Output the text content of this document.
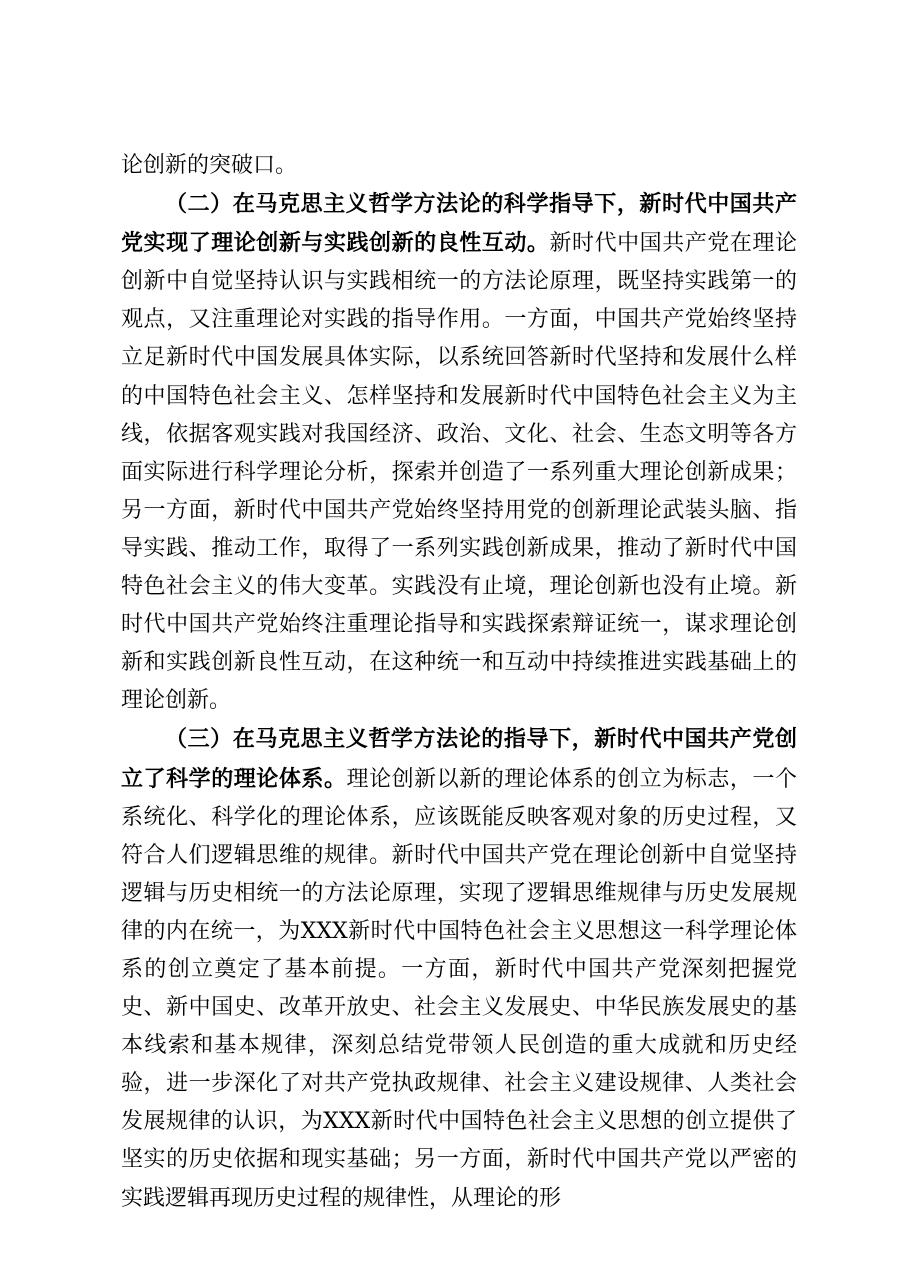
论创新的突破口。

（二）在马克思主义哲学方法论的科学指导下，新时代中国共产党实现了理论创新与实践创新的良性互动。新时代中国共产党在理论创新中自觉坚持认识与实践相统一的方法论原理，既坚持实践第一的观点，又注重理论对实践的指导作用。一方面，中国共产党始终坚持立足新时代中国发展具体实际，以系统回答新时代坚持和发展什么样的中国特色社会主义、怎样坚持和发展新时代中国特色社会主义为主线，依据客观实践对我国经济、政治、文化、社会、生态文明等各方面实际进行科学理论分析，探索并创造了一系列重大理论创新成果；另一方面，新时代中国共产党始终坚持用党的创新理论武装头脑、指导实践、推动工作，取得了一系列实践创新成果，推动了新时代中国特色社会主义的伟大变革。实践没有止境，理论创新也没有止境。新时代中国共产党始终注重理论指导和实践探索辩证统一，谋求理论创新和实践创新良性互动，在这种统一和互动中持续推进实践基础上的理论创新。

（三）在马克思主义哲学方法论的指导下，新时代中国共产党创立了科学的理论体系。理论创新以新的理论体系的创立为标志，一个系统化、科学化的理论体系，应该既能反映客观对象的历史过程，又符合人们逻辑思维的规律。新时代中国共产党在理论创新中自觉坚持逻辑与历史相统一的方法论原理，实现了逻辑思维规律与历史发展规律的内在统一，为XXX新时代中国特色社会主义思想这一科学理论体系的创立奠定了基本前提。一方面，新时代中国共产党深刻把握党史、新中国史、改革开放史、社会主义发展史、中华民族发展史的基本线索和基本规律，深刻总结党带领人民创造的重大成就和历史经验，进一步深化了对共产党执政规律、社会主义建设规律、人类社会发展规律的认识，为XXX新时代中国特色社会主义思想的创立提供了坚实的历史依据和现实基础；另一方面，新时代中国共产党以严密的实践逻辑再现历史过程的规律性，从理论的形
